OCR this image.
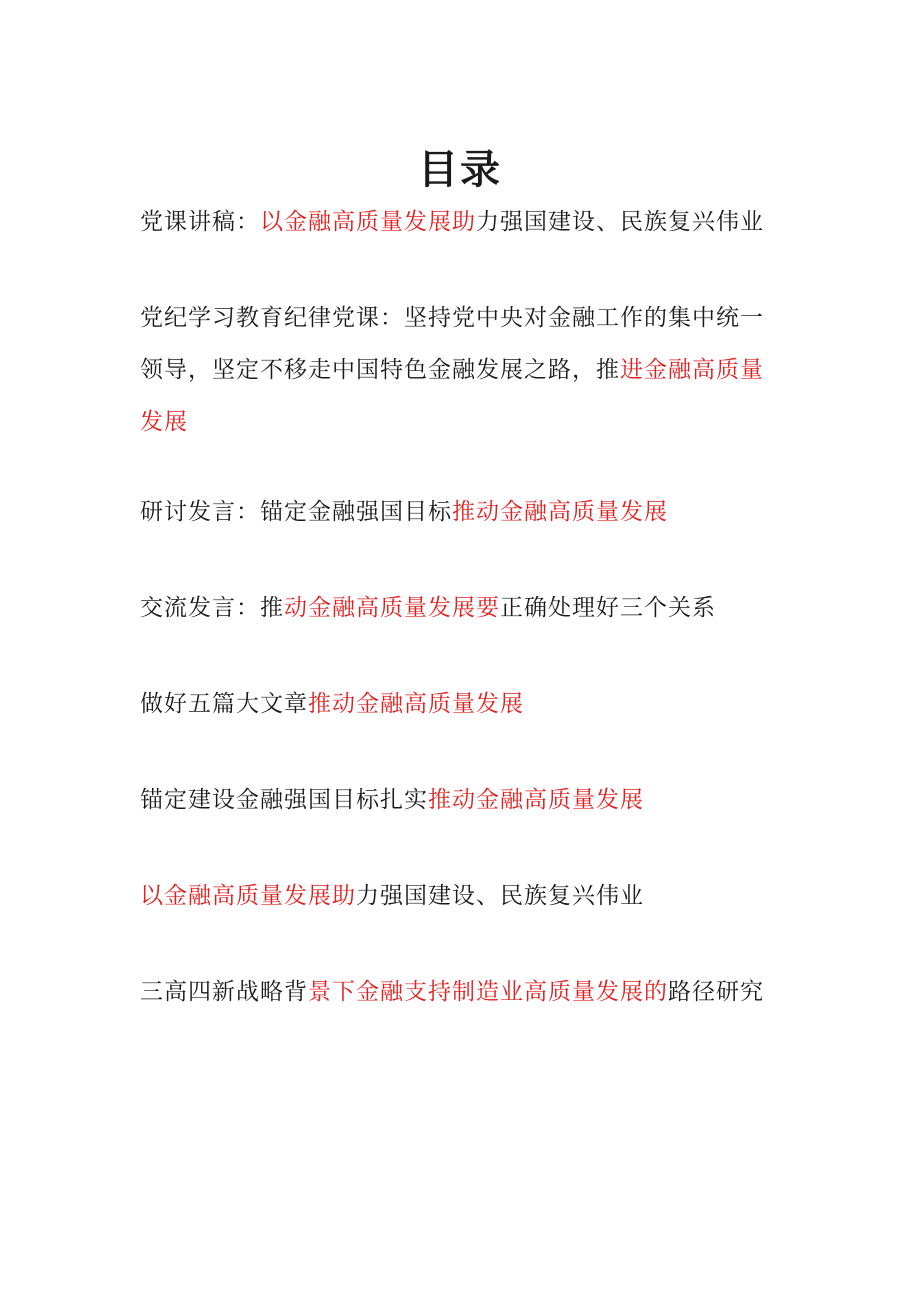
目录
党课讲稿：以金融高质量发展助力强国建设、民族复兴伟业
党纪学习教育纪律党课：坚持党中央对金融工作的集中统一领导，坚定不移走中国特色金融发展之路，推进金融高质量发展
研讨发言：锚定金融强国目标推动金融高质量发展
交流发言：推动金融高质量发展要正确处理好三个关系
做好五篇大文章推动金融高质量发展
锚定建设金融强国目标扎实推动金融高质量发展
以金融高质量发展助力强国建设、民族复兴伟业
三高四新战略背景下金融支持制造业高质量发展的路径研究
